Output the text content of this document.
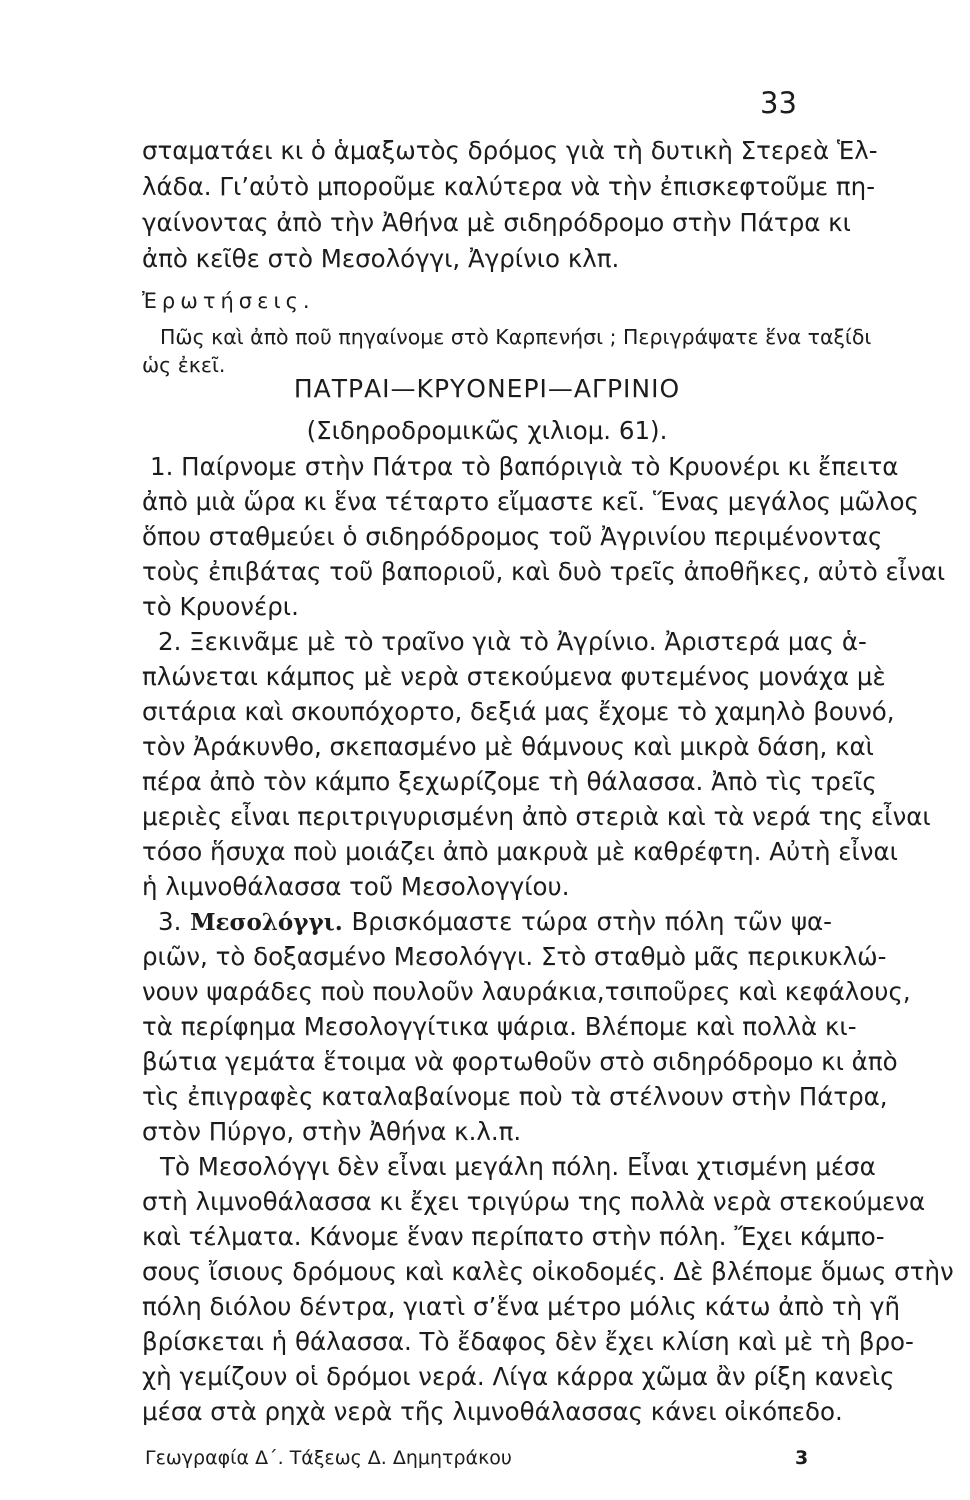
33
σταματάει κι ὁ ἁμαξωτὸς δρόμος γιὰ τὴ δυτικὴ Στερεὰ Ἑλ-
λάδα. Γι’αὐτὸ μποροῦμε καλύτερα νὰ τὴν ἐπισκεφτοῦμε πη-
γαίνοντας ἀπὸ τὴν Ἀθήνα μὲ σιδηρόδρομο στὴν Πάτρα κι
ἀπὸ κεῖθε στὸ Μεσολόγγι, Ἀγρίνιο κλπ.
Ἐρωτήσεις.
Πῶς καὶ ἀπὸ ποῦ πηγαίνομε στὸ Καρπενήσι ; Περιγράψατε ἕνα ταξίδι
ὡς ἐκεῖ.
ΠΑΤΡΑΙ—ΚΡΥΟΝΕΡΙ—ΑΓΡΙΝΙΟ
(Σιδηροδρομικῶς χιλιομ. 61).
1. Παίρνομε στὴν Πάτρα τὸ βαπόριγιὰ τὸ Κρυονέρι κι ἔπειτα
ἀπὸ μιὰ ὥρα κι ἕνα τέταρτο εἴμαστε κεῖ. Ἕνας μεγάλος μῶλος
ὅπου σταθμεύει ὁ σιδηρόδρομος τοῦ Ἀγρινίου περιμένοντας
τοὺς ἐπιβάτας τοῦ βαποριοῦ, καὶ δυὸ τρεῖς ἀποθῆκες, αὐτὸ εἶναι
τὸ Κρυονέρι.
2. Ξεκινᾶμε μὲ τὸ τραῖνο γιὰ τὸ Ἀγρίνιο. Ἀριστερά μας ἁ-
πλώνεται κάμπος μὲ νερὰ στεκούμενα φυτεμένος μονάχα μὲ
σιτάρια καὶ σκουπόχορτο, δεξιά μας ἔχομε τὸ χαμηλὸ βουνό,
τὸν Ἀράκυνθο, σκεπασμένο μὲ θάμνους καὶ μικρὰ δάση, καὶ
πέρα ἀπὸ τὸν κάμπο ξεχωρίζομε τὴ θάλασσα. Ἀπὸ τὶς τρεῖς
μεριὲς εἶναι περιτριγυρισμένη ἀπὸ στεριὰ καὶ τὰ νερά της εἶναι
τόσο ἥσυχα ποὺ μοιάζει ἀπὸ μακρυὰ μὲ καθρέφτη. Αὐτὴ εἶναι
ἡ λιμνοθάλασσα τοῦ Μεσολογγίου.
3. Μεσολόγγι. Βρισκόμαστε τώρα στὴν πόλη τῶν ψα-
ριῶν, τὸ δοξασμένο Μεσολόγγι. Στὸ σταθμὸ μᾶς περικυκλώ-
νουν ψαράδες ποὺ πουλοῦν λαυράκια,τσιποῦρες καὶ κεφάλους,
τὰ περίφημα Μεσολογγίτικα ψάρια. Βλέπομε καὶ πολλὰ κι-
βώτια γεμάτα ἕτοιμα νὰ φορτωθοῦν στὸ σιδηρόδρομο κι ἀπὸ
τὶς ἐπιγραφὲς καταλαβαίνομε ποὺ τὰ στέλνουν στὴν Πάτρα,
στὸν Πύργο, στὴν Ἀθήνα κ.λ.π.
Τὸ Μεσολόγγι δὲν εἶναι μεγάλη πόλη. Εἶναι χτισμένη μέσα
στὴ λιμνοθάλασσα κι ἔχει τριγύρω της πολλὰ νερὰ στεκούμενα
καὶ τέλματα. Κάνομε ἕναν περίπατο στὴν πόλη. Ἔχει κάμπο-
σους ἴσιους δρόμους καὶ καλὲς οἰκοδομές. Δὲ βλέπομε ὅμως στὴν
πόλη διόλου δέντρα, γιατὶ σ’ἕνα μέτρο μόλις κάτω ἀπὸ τὴ γῆ
βρίσκεται ἡ θάλασσα. Τὸ ἔδαφος δὲν ἔχει κλίση καὶ μὲ τὴ βρο-
χὴ γεμίζουν οἱ δρόμοι νερά. Λίγα κάρρα χῶμα ἂν ρίξη κανεὶς
μέσα στὰ ρηχὰ νερὰ τῆς λιμνοθάλασσας κάνει οἰκόπεδο.
Γεωγραφία Δ΄. Τάξεως Δ. Δημητράκου	3
